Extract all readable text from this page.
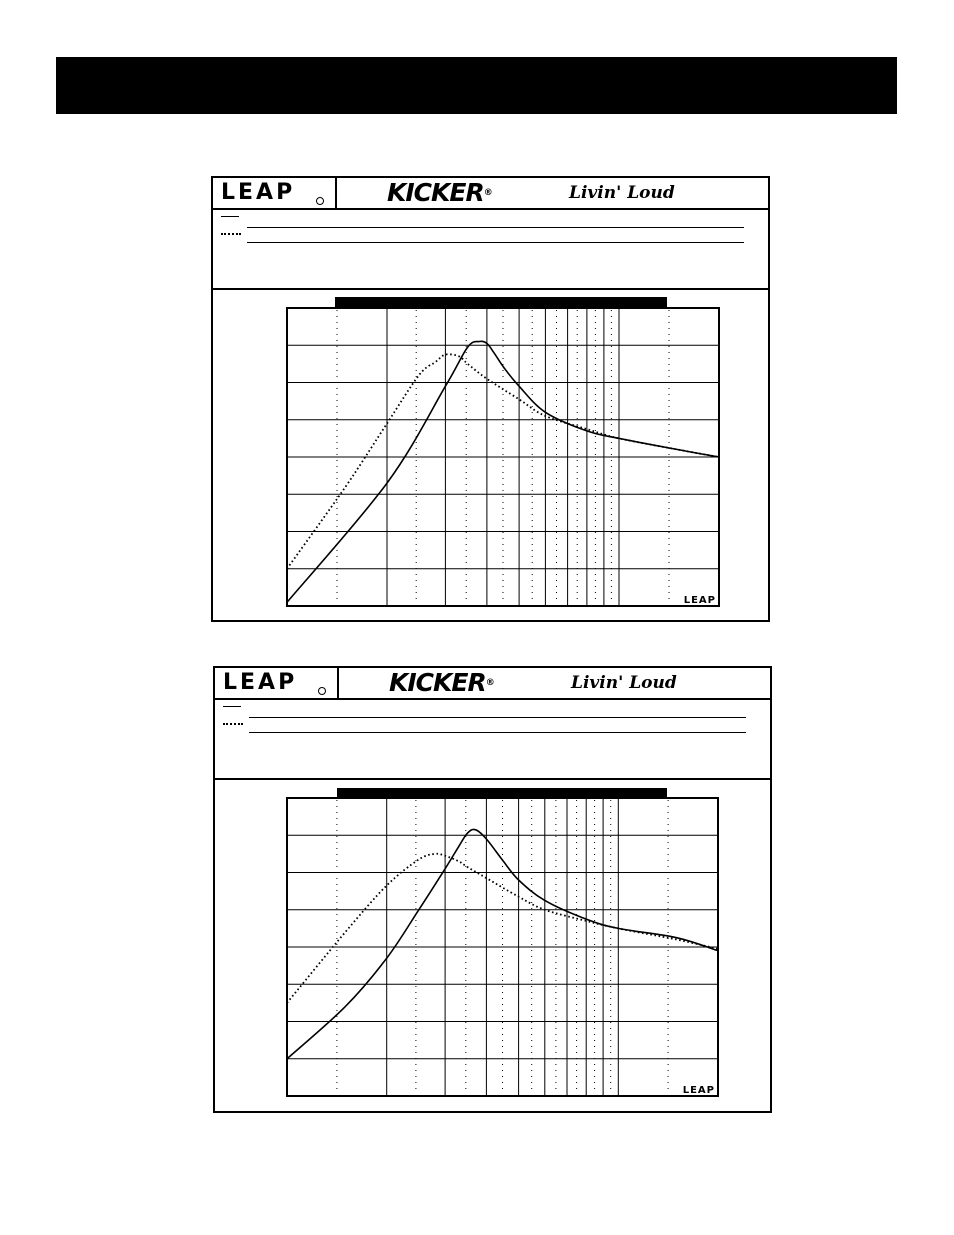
LEAP	KICKER®	Livin' Loud
LEAP
LEAP	KICKER®	Livin' Loud
LEAP
